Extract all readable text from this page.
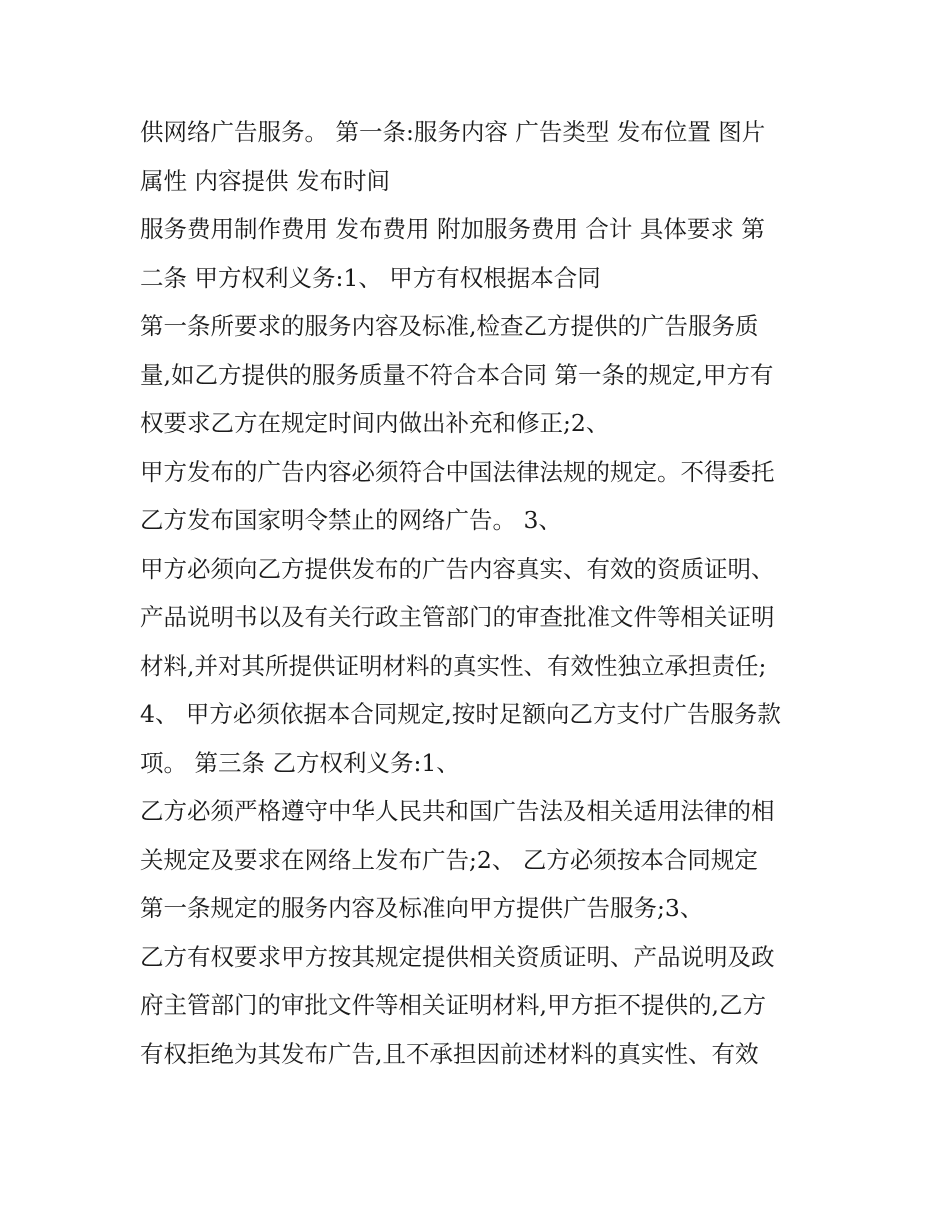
供网络广告服务。 第一条:服务内容 广告类型 发布位置 图片
属性 内容提供 发布时间
服务费用制作费用 发布费用 附加服务费用 合计 具体要求 第
二条 甲方权利义务:1、 甲方有权根据本合同
第一条所要求的服务内容及标准,检查乙方提供的广告服务质
量,如乙方提供的服务质量不符合本合同 第一条的规定,甲方有
权要求乙方在规定时间内做出补充和修正;2、
甲方发布的广告内容必须符合中国法律法规的规定。不得委托
乙方发布国家明令禁止的网络广告。 3、
甲方必须向乙方提供发布的广告内容真实、有效的资质证明、
产品说明书以及有关行政主管部门的审查批准文件等相关证明
材料,并对其所提供证明材料的真实性、有效性独立承担责任;
4、 甲方必须依据本合同规定,按时足额向乙方支付广告服务款
项。 第三条 乙方权利义务:1、
乙方必须严格遵守中华人民共和国广告法及相关适用法律的相
关规定及要求在网络上发布广告;2、 乙方必须按本合同规定
第一条规定的服务内容及标准向甲方提供广告服务;3、
乙方有权要求甲方按其规定提供相关资质证明、产品说明及政
府主管部门的审批文件等相关证明材料,甲方拒不提供的,乙方
有权拒绝为其发布广告,且不承担因前述材料的真实性、有效
